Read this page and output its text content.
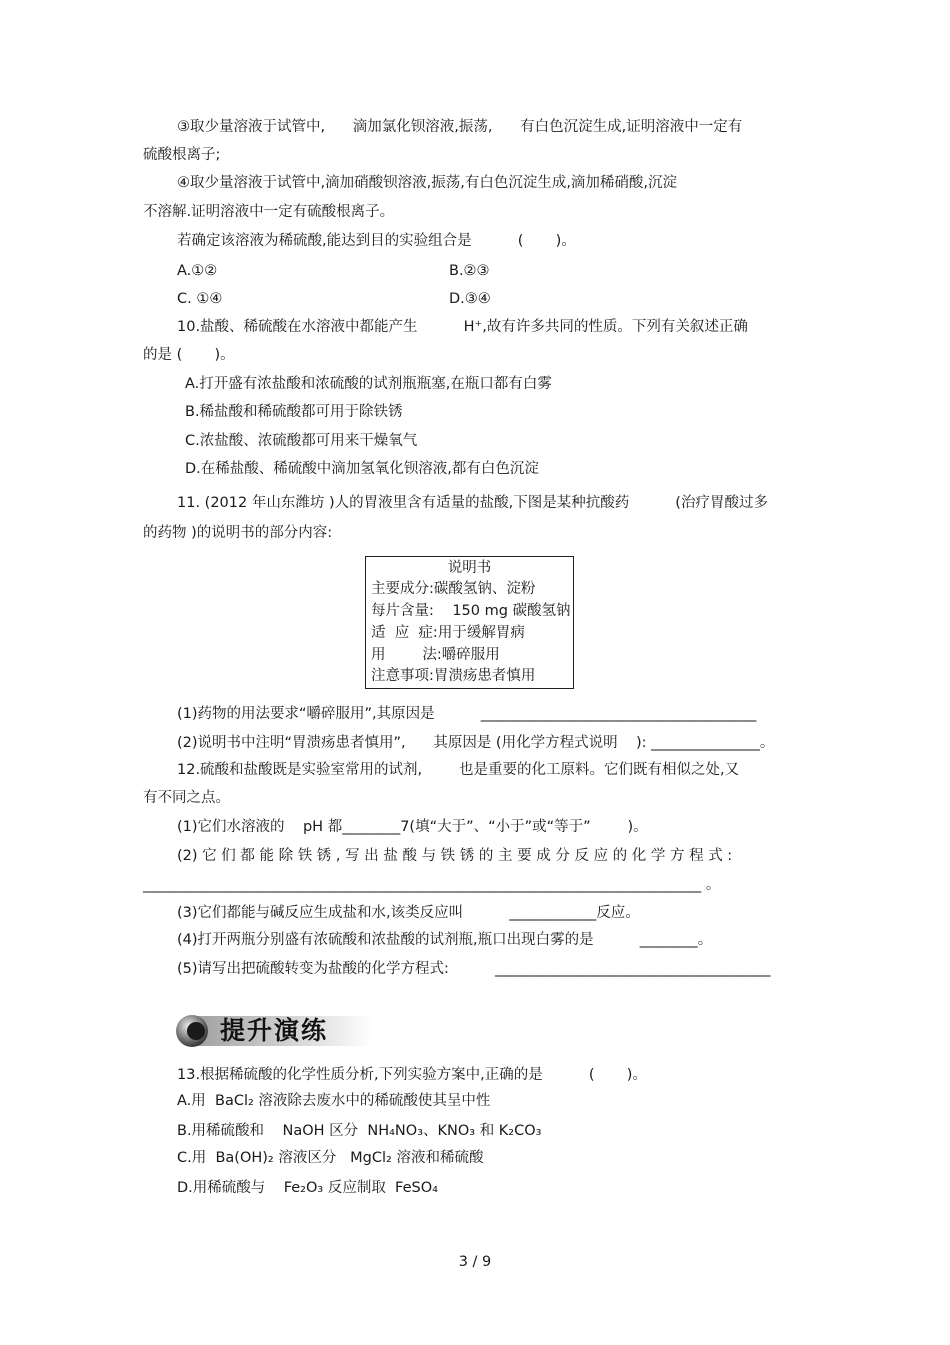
③取少量溶液于试管中,      滴加氯化钡溶液,振荡,      有白色沉淀生成,证明溶液中一定有
硫酸根离子;
④取少量溶液于试管中,滴加硝酸钡溶液,振荡,有白色沉淀生成,滴加稀硝酸,沉淀
不溶解.证明溶液中一定有硫酸根离子。
若确定该溶液为稀硫酸,能达到目的实验组合是          (       )。
A.①②	B.②③
C. ①④	D.③④
10.盐酸、稀硫酸在水溶液中都能产生          H⁺,故有许多共同的性质。下列有关叙述正确
的是 (       )。
A.打开盛有浓盐酸和浓硫酸的试剂瓶瓶塞,在瓶口都有白雾
B.稀盐酸和稀硫酸都可用于除铁锈
C.浓盐酸、浓硫酸都可用来干燥氧气
D.在稀盐酸、稀硫酸中滴加氢氧化钡溶液,都有白色沉淀
11. (2012 年山东潍坊 )人的胃液里含有适量的盐酸,下图是某种抗酸药          (治疗胃酸过多
的药物 )的说明书的部分内容:
说明书
主要成分:碳酸氢钠、淀粉
每片含量:    150 mg 碳酸氢钠
适  应  症:用于缓解胃病
用        法:嚼碎服用
注意事项:胃溃疡患者慎用
(1)药物的用法要求“嚼碎服用”,其原因是          ______________________________________
(2)说明书中注明“胃溃疡患者慎用”,      其原因是 (用化学方程式说明    ): _______________。
12.硫酸和盐酸既是实验室常用的试剂,        也是重要的化工原料。它们既有相似之处,又
有不同之点。
(1)它们水溶液的    pH 都________7(填“大于”、“小于”或“等于”        )。
(2) 它 们 都 能 除 铁 锈 , 写 出 盐 酸 与 铁 锈 的 主 要 成 分 反 应 的 化 学 方 程 式 :
_____________________________________________________________________________ 。
(3)它们都能与碱反应生成盐和水,该类反应叫          ____________反应。
(4)打开两瓶分别盛有浓硫酸和浓盐酸的试剂瓶,瓶口出现白雾的是          ________。
(5)请写出把硫酸转变为盐酸的化学方程式:          ______________________________________
提升演练
13.根据稀硫酸的化学性质分析,下列实验方案中,正确的是          (       )。
A.用  BaCl₂ 溶液除去废水中的稀硫酸使其呈中性
B.用稀硫酸和    NaOH 区分  NH₄NO₃、KNO₃ 和 K₂CO₃
C.用  Ba(OH)₂ 溶液区分   MgCl₂ 溶液和稀硫酸
D.用稀硫酸与    Fe₂O₃ 反应制取  FeSO₄
3 / 9
